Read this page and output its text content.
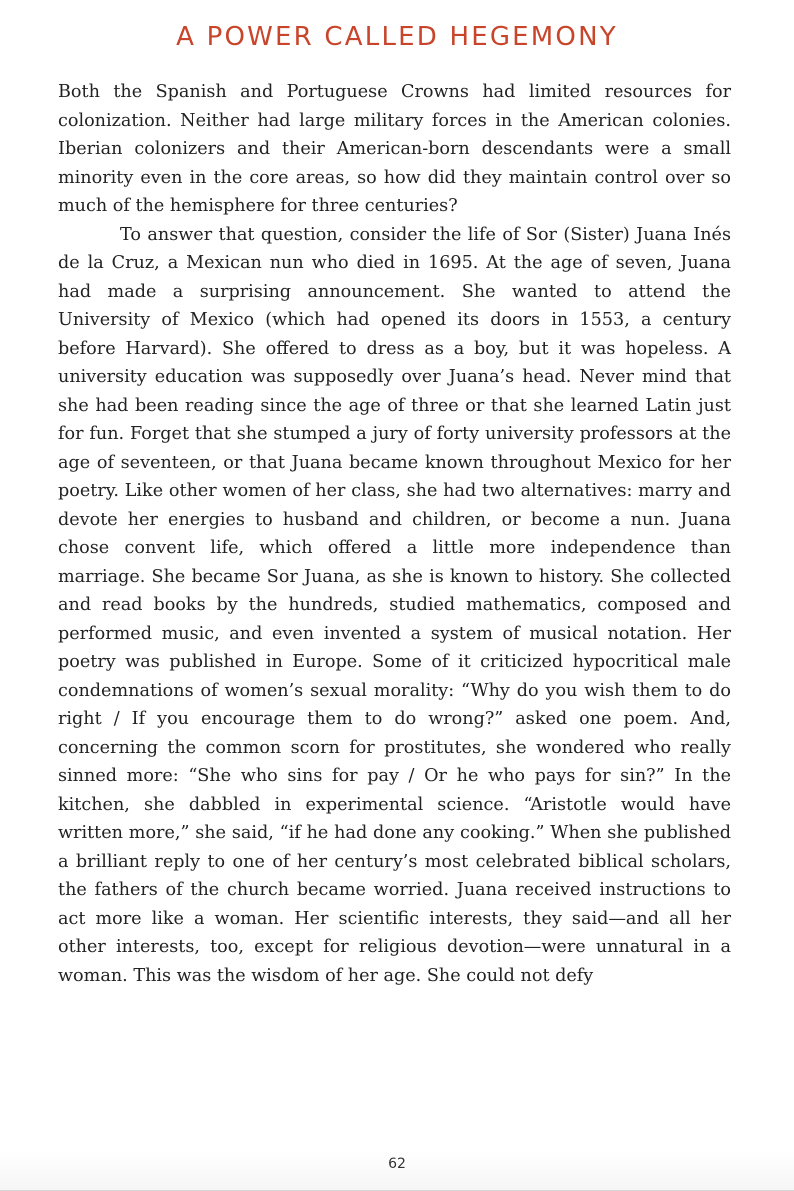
A POWER CALLED HEGEMONY

Both the Spanish and Portuguese Crowns had limited resources for colonization. Neither had large military forces in the American colonies. Iberian colonizers and their American-born descendants were a small minority even in the core areas, so how did they maintain control over so much of the hemisphere for three centuries?

To answer that question, consider the life of Sor (Sister) Juana Inés de la Cruz, a Mexican nun who died in 1695. At the age of seven, Juana had made a surprising announcement. She wanted to attend the University of Mexico (which had opened its doors in 1553, a century before Harvard). She offered to dress as a boy, but it was hopeless. A university education was supposedly over Juana’s head. Never mind that she had been reading since the age of three or that she learned Latin just for fun. Forget that she stumped a jury of forty university professors at the age of seventeen, or that Juana became known throughout Mexico for her poetry. Like other women of her class, she had two alternatives: marry and devote her energies to husband and children, or become a nun. Juana chose convent life, which offered a little more independence than marriage. She became Sor Juana, as she is known to history. She collected and read books by the hundreds, studied mathematics, composed and performed music, and even invented a system of musical notation. Her poetry was published in Europe. Some of it criticized hypocritical male condemnations of women’s sexual morality: “Why do you wish them to do right / If you encourage them to do wrong?” asked one poem. And, concerning the common scorn for prostitutes, she wondered who really sinned more: “She who sins for pay / Or he who pays for sin?” In the kitchen, she dabbled in experimental science. “Aristotle would have written more,” she said, “if he had done any cooking.” When she published a brilliant reply to one of her century’s most celebrated biblical scholars, the fathers of the church became worried. Juana received instructions to act more like a woman. Her scientific interests, they said—and all her other interests, too, except for religious devotion—were unnatural in a woman. This was the wisdom of her age. She could not defy

62
